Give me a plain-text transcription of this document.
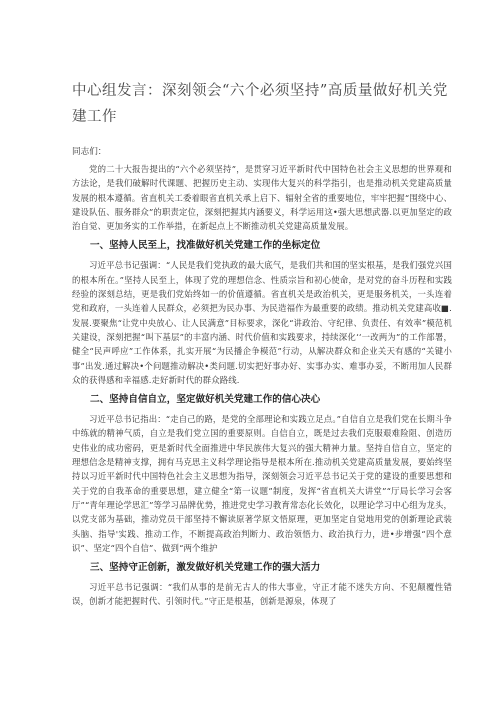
中心组发言：深刻领会“六个必须坚持”高质量做好机关党建工作

同志们：

党的二十大报告提出的“六个必须坚持”，是贯穿习近平新时代中国特色社会主义思想的世界观和方法论，是我们破解时代课题、把握历史主动、实现伟大复兴的科学指引，也是推动机关党建高质量发展的根本遵循。省直机关工委着眼省直机关承上启下、辐射全省的重要地位，牢牢把握“围绕中心、建设队伍、服务群众”的职责定位，深刻把握其内涵要义，科学运用这•强大思想武器.以更加坚定的政治自觉、更加务实的工作举措，在新起点上不断推动机关党建高质量发展。

一、坚持人民至上，找准做好机关党建工作的坐标定位

习近平总书记强调：“人民是我们党执政的最大底气，是我们共和国的坚实根基，是我们强党兴国的根本所在。”坚持人民至上，体现了党的理想信念、性质宗旨和初心使命，是对党的奋斗历程和实践经验的深刻总结，更是我们党始终如一的价值遵循。省直机关是政治机关，更是服务机关，一头连着党和政府，一头连着人民群众，必须把为民办事、为民造福作为最重要的政绩。推动机关党建高收■.发展.要聚焦“让党中央放心、让人民满意”目标要求，深化“讲政治、守纪律、负责任、有效率”模范机关建设，深刻把握“叫下基层”的丰富内涵、时代价值和实践要求，持续深化‘‘一改两为”的工作部署，健全“民声呼应”工作体系，扎实开展“为民播企争模范”行动，从解决群众和企业关天有感的“关键小事”出发.通过解决•个问题推动解决•类问题.切实把好事办好、实事办实、难事办妥，不断用加人民群众的获得感和幸福感.走好新时代的群众路线.

二、坚持自信自立，坚定做好机关党建工作的信心决心

习近平总书记指出：“走自己的路，是党的全部理论和实践立足点。”自信自立是我们党在长期斗争中练就的精神气质，自立是我们党立国的重要原则。自信自立，既是过去我们克服艰难险阻、创造历史伟业的成功密码，更是新时代全面推进中华民族伟大复兴的强大精神力量。坚持自信自立，坚定的理想信念是精神支撑，拥有马克思主义科学理论指导是根本所在.推动机关党建高质量发展，要始终坚持以习近平新时代中国特色社会主义思想为指导，深刻领会习近平总书记关于党的建设的重要思想和关于党的自我革命的重要思想，建立健全“第一议题”制度，发挥“省直机关大讲堂”“厅局长学习会客厅”“青年理论学思汇”等学习品牌优势，推进党史学习教育常态化长效化，以理论学习中心组为龙头，以党支部为基础，推动党员干部坚持不懈读原著学原文悟原理，更加坚定自觉地用党的创新理论武装头脑、指导'实践、推动工作，不断提高政治判断力、政治领悟力、政治执行力，进•步增强“四个意识”、坚定“四个自信”、做到“两个维护

三、坚持守正创新，激发做好机关党建工作的强大活力

习近平总书记强调：“我们从事的是前无古人的伟大事业，守正才能不迷失方向、不犯颠覆性错误，创新才能把握时代、引领时代。”守正是根基，创新是源泉，体现了
